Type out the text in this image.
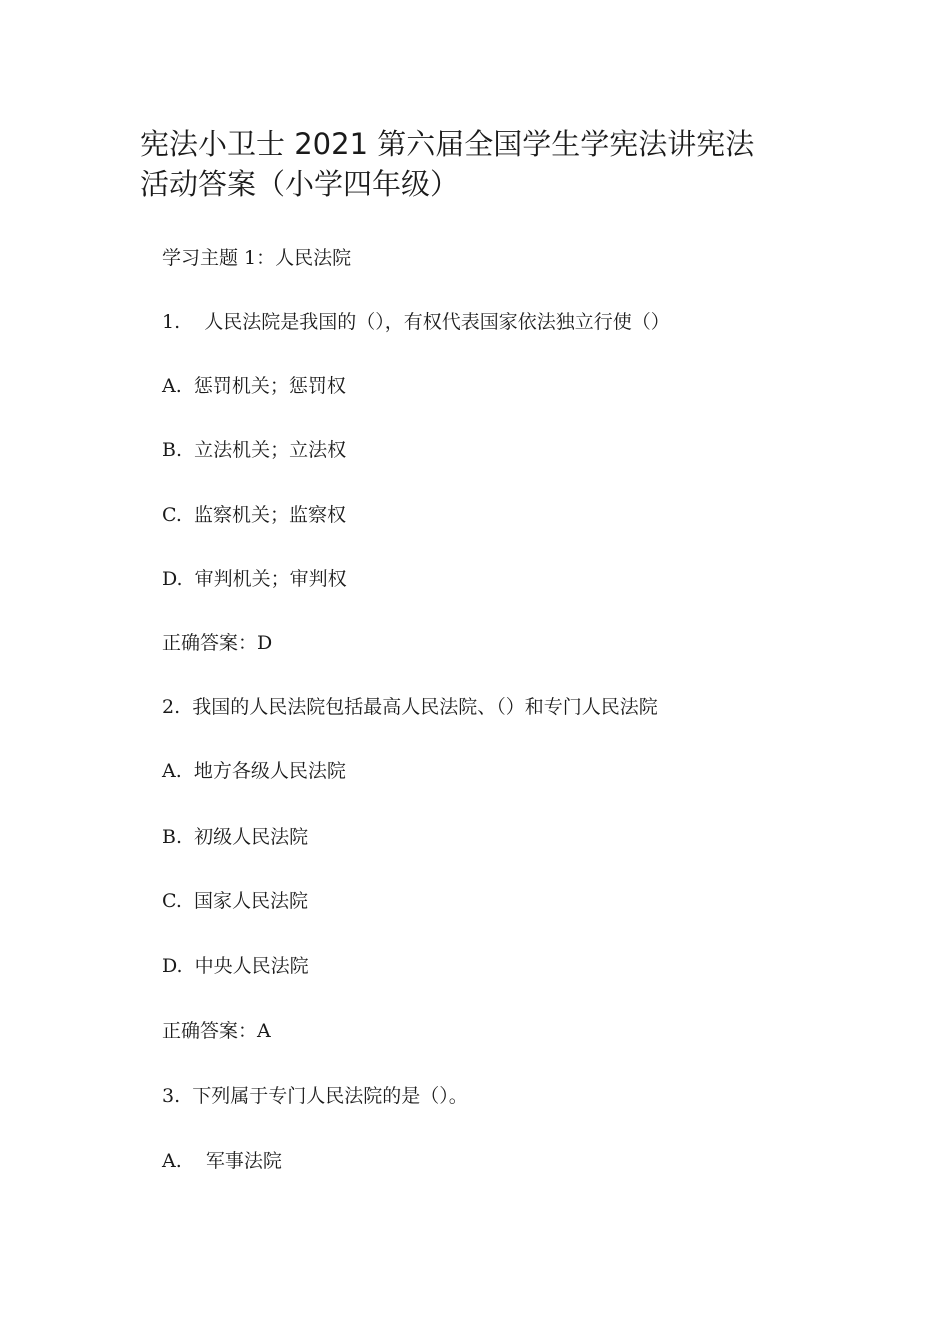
宪法小卫士 2021 第六届全国学生学宪法讲宪法
活动答案（小学四年级）

学习主题 1：人民法院

1.    人民法院是我国的（），有权代表国家依法独立行使（）

A.  惩罚机关；惩罚权

B.  立法机关；立法权

C.  监察机关；监察权

D.  审判机关；审判权

正确答案：D

2.  我国的人民法院包括最高人民法院、（）和专门人民法院

A.  地方各级人民法院

B.  初级人民法院

C.  国家人民法院

D.  中央人民法院

正确答案：A

3.  下列属于专门人民法院的是（）。

A.    军事法院
